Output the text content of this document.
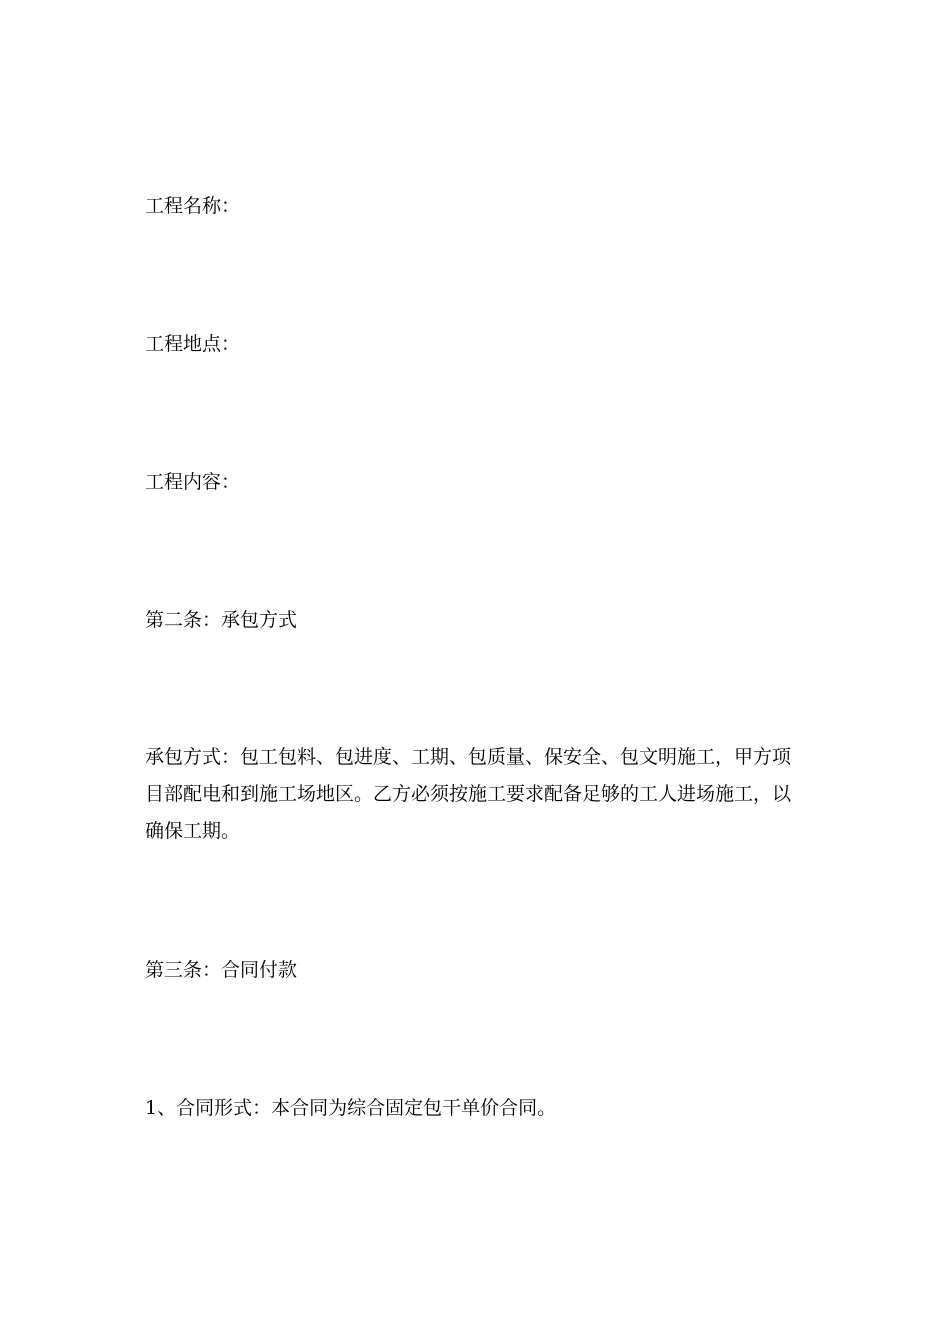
工程名称：

工程地点：

工程内容：

第二条：承包方式

承包方式：包工包料、包进度、工期、包质量、保安全、包文明施工，甲方项
目部配电和到施工场地区。乙方必须按施工要求配备足够的工人进场施工，以
确保工期。

第三条：合同付款

1、合同形式：本合同为综合固定包干单价合同。
